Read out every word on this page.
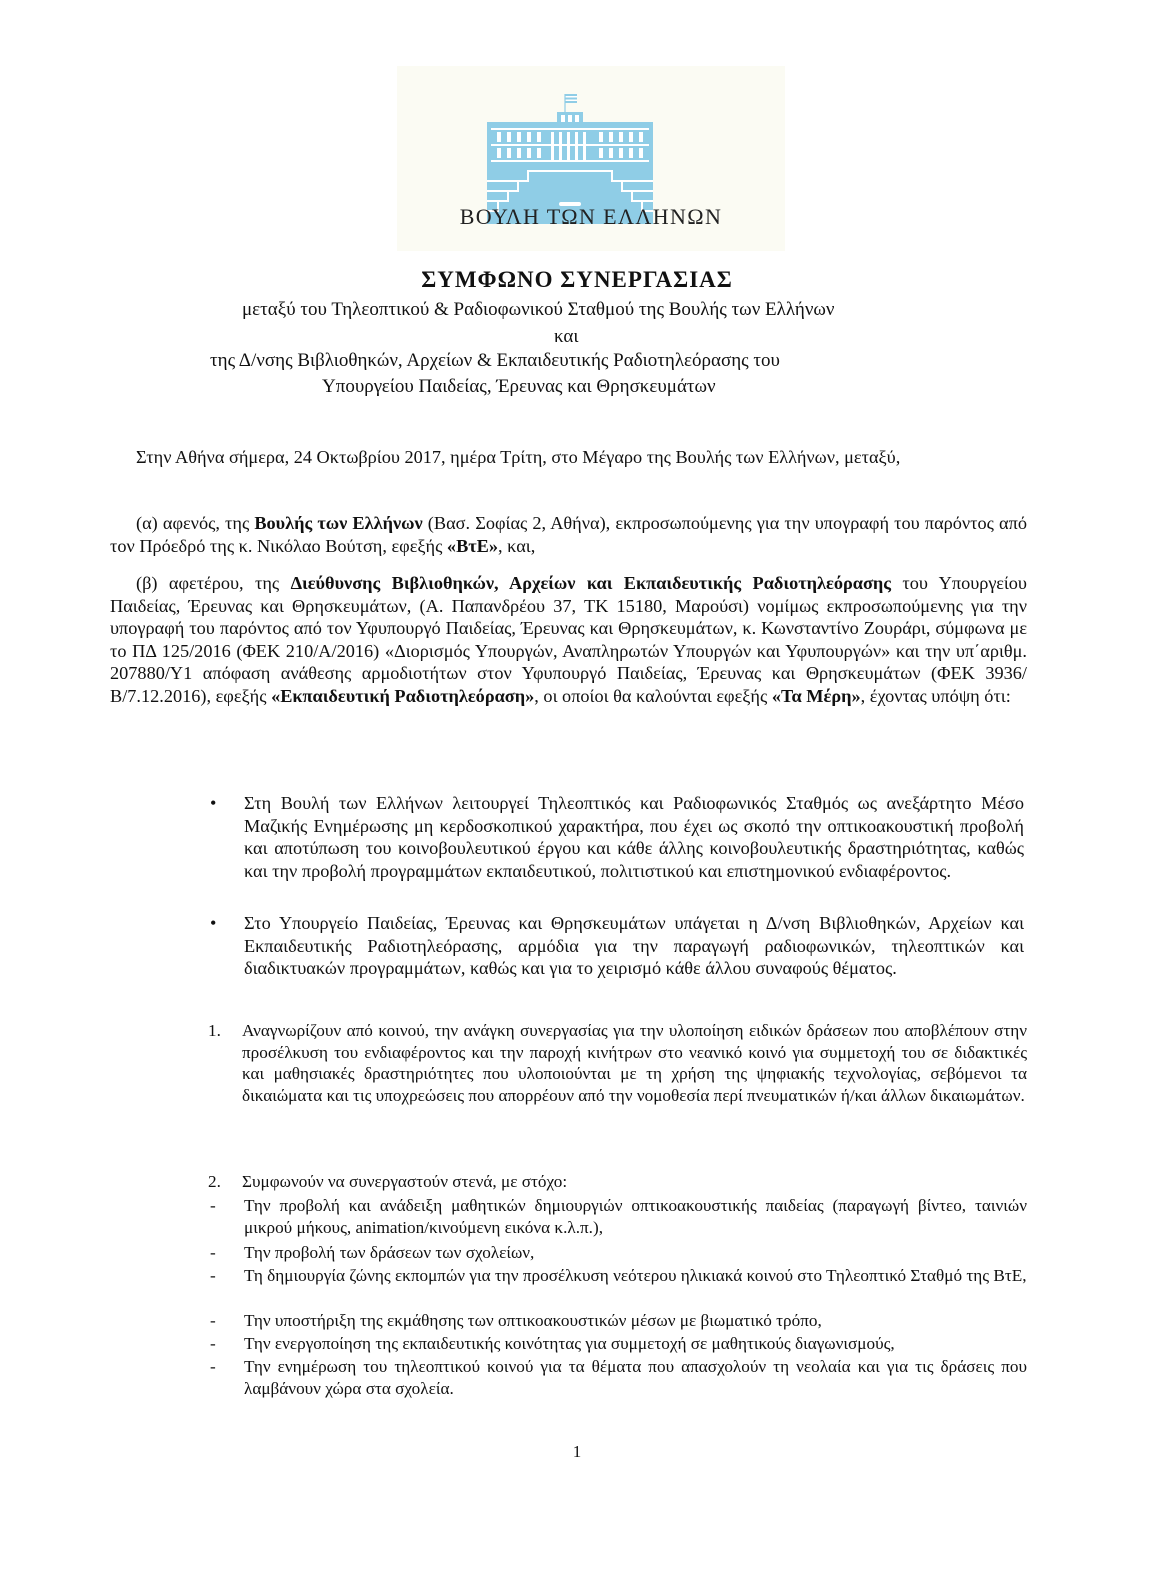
ΒΟΥΛΗ ΤΩΝ ΕΛΛΗΝΩΝ
ΣΥΜΦΩΝΟ ΣΥΝΕΡΓΑΣΙΑΣ

μεταξύ του Τηλεοπτικού & Ραδιοφωνικού Σταθμού της Βουλής των Ελλήνων

και

της Δ/νσης Βιβλιοθηκών, Αρχείων & Εκπαιδευτικής Ραδιοτηλεόρασης του

Υπουργείου Παιδείας, Έρευνας και Θρησκευμάτων

Στην Αθήνα σήμερα, 24 Οκτωβρίου 2017, ημέρα Τρίτη, στο Μέγαρο της Βουλής των Ελλήνων, μεταξύ,

(α) αφενός, της Βουλής των Ελλήνων (Βασ. Σοφίας 2, Αθήνα), εκπροσωπούμενης για την υπογραφή του παρόντος από τον Πρόεδρό της κ. Νικόλαο Βούτση, εφεξής «ΒτΕ», και,

(β) αφετέρου, της Διεύθυνσης Βιβλιοθηκών, Αρχείων και Εκπαιδευτικής Ραδιοτηλεόρασης του Υπουργείου Παιδείας, Έρευνας και Θρησκευμάτων, (Α. Παπανδρέου 37, ΤΚ 15180, Μαρούσι) νομίμως εκπροσωπούμενης για την υπογραφή του παρόντος από τον Υφυπουργό Παιδείας, Έρευνας και Θρησκευμάτων, κ. Κωνσταντίνο Ζουράρι, σύμφωνα με το ΠΔ 125/2016 (ΦΕΚ 210/Α/2016) «Διορισμός Υπουργών, Αναπληρωτών Υπουργών και Υφυπουργών» και την υπ΄αριθμ. 207880/Υ1 απόφαση ανάθεσης αρμοδιοτήτων στον Υφυπουργό Παιδείας, Έρευνας και Θρησκευμάτων (ΦΕΚ 3936/Β/7.12.2016), εφεξής «Εκπαιδευτική Ραδιοτηλεόραση», οι οποίοι θα καλούνται εφεξής «Τα Μέρη», έχοντας υπόψη ότι:

• Στη Βουλή των Ελλήνων λειτουργεί Τηλεοπτικός και Ραδιοφωνικός Σταθμός ως ανεξάρτητο Μέσο Μαζικής Ενημέρωσης μη κερδοσκοπικού χαρακτήρα, που έχει ως σκοπό την οπτικοακουστική προβολή και αποτύπωση του κοινοβουλευτικού έργου και κάθε άλλης κοινοβουλευτικής δραστηριότητας, καθώς και την προβολή προγραμμάτων εκπαιδευτικού, πολιτιστικού και επιστημονικού ενδιαφέροντος.
• Στο Υπουργείο Παιδείας, Έρευνας και Θρησκευμάτων υπάγεται η Δ/νση Βιβλιοθηκών, Αρχείων και Εκπαιδευτικής Ραδιοτηλεόρασης, αρμόδια για την παραγωγή ραδιοφωνικών, τηλεοπτικών και διαδικτυακών προγραμμάτων, καθώς και για το χειρισμό κάθε άλλου συναφούς θέματος.
1. Αναγνωρίζουν από κοινού, την ανάγκη συνεργασίας για την υλοποίηση ειδικών δράσεων που αποβλέπουν στην προσέλκυση του ενδιαφέροντος και την παροχή κινήτρων στο νεανικό κοινό για συμμετοχή του σε διδακτικές και μαθησιακές δραστηριότητες που υλοποιούνται με τη χρήση της ψηφιακής τεχνολογίας, σεβόμενοι τα δικαιώματα και τις υποχρεώσεις που απορρέουν από την νομοθεσία περί πνευματικών ή/και άλλων δικαιωμάτων.
2. Συμφωνούν να συνεργαστούν στενά, με στόχο:
- Την προβολή και ανάδειξη μαθητικών δημιουργιών οπτικοακουστικής παιδείας (παραγωγή βίντεο, ταινιών μικρού μήκους, animation/κινούμενη εικόνα κ.λ.π.),
- Την προβολή των δράσεων των σχολείων,
- Τη δημιουργία ζώνης εκπομπών για την προσέλκυση νεότερου ηλικιακά κοινού στο Τηλεοπτικό Σταθμό της ΒτΕ,
- Την υποστήριξη της εκμάθησης των οπτικοακουστικών μέσων με βιωματικό τρόπο,
- Την ενεργοποίηση της εκπαιδευτικής κοινότητας για συμμετοχή σε μαθητικούς διαγωνισμούς,
- Την ενημέρωση του τηλεοπτικού κοινού για τα θέματα που απασχολούν τη νεολαία και για τις δράσεις που λαμβάνουν χώρα στα σχολεία.
1
